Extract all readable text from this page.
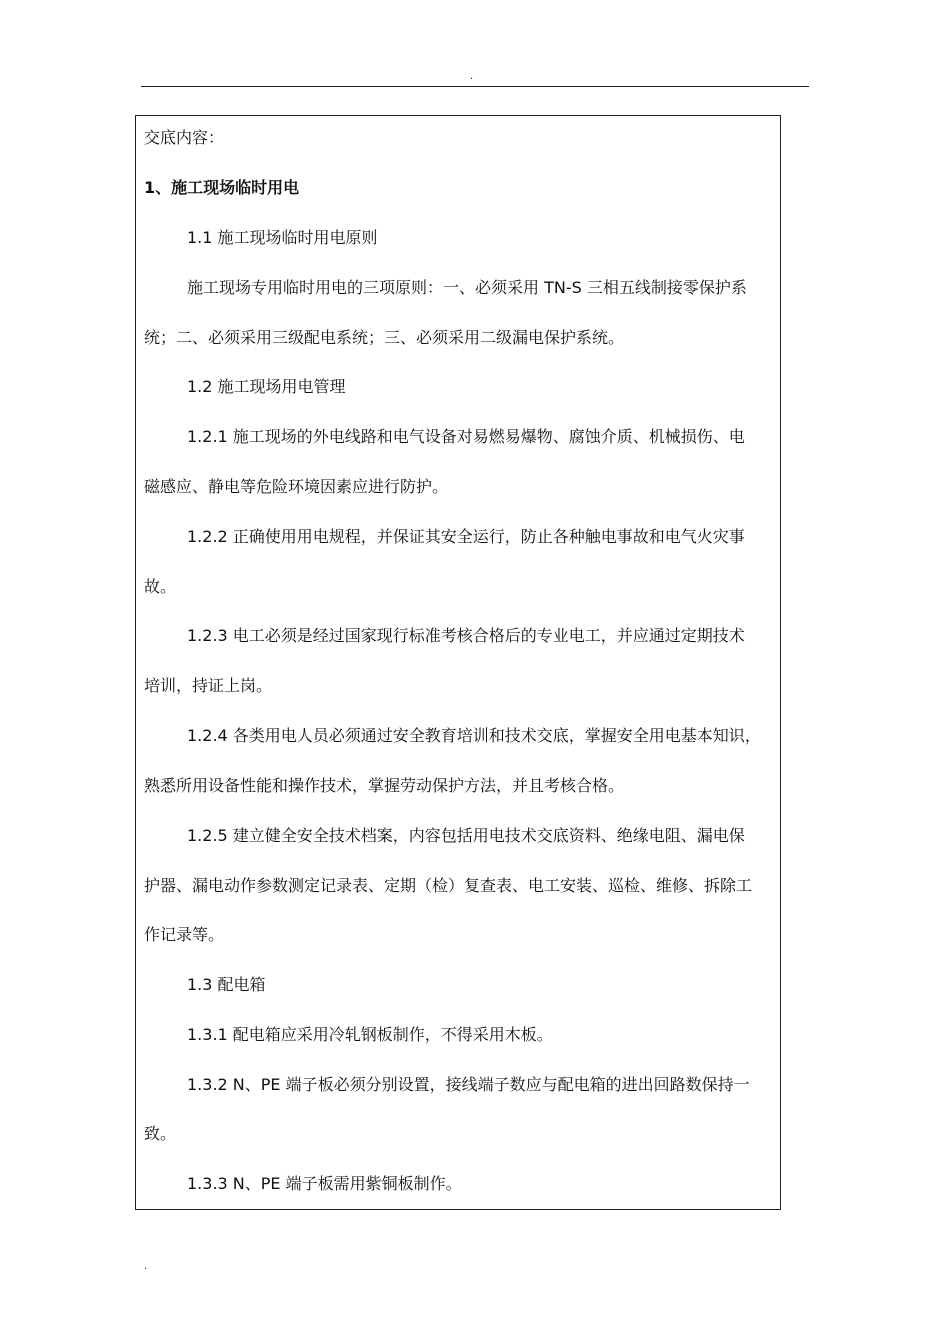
.
交底内容：
1、施工现场临时用电
1.1 施工现场临时用电原则
施工现场专用临时用电的三项原则：一、必须采用 TN-S 三相五线制接零保护系
统；二、必须采用三级配电系统；三、必须采用二级漏电保护系统。
1.2 施工现场用电管理
1.2.1 施工现场的外电线路和电气设备对易燃易爆物、腐蚀介质、机械损伤、电
磁感应、静电等危险环境因素应进行防护。
1.2.2 正确使用用电规程，并保证其安全运行，防止各种触电事故和电气火灾事
故。
1.2.3 电工必须是经过国家现行标准考核合格后的专业电工，并应通过定期技术
培训，持证上岗。
1.2.4 各类用电人员必须通过安全教育培训和技术交底，掌握安全用电基本知识，
熟悉所用设备性能和操作技术，掌握劳动保护方法，并且考核合格。
1.2.5 建立健全安全技术档案，内容包括用电技术交底资料、绝缘电阻、漏电保
护器、漏电动作参数测定记录表、定期（检）复查表、电工安装、巡检、维修、拆除工
作记录等。
1.3 配电箱
1.3.1 配电箱应采用冷轧钢板制作，不得采用木板。
1.3.2 N、PE 端子板必须分别设置，接线端子数应与配电箱的进出回路数保持一
致。
1.3.3 N、PE 端子板需用紫铜板制作。
.
